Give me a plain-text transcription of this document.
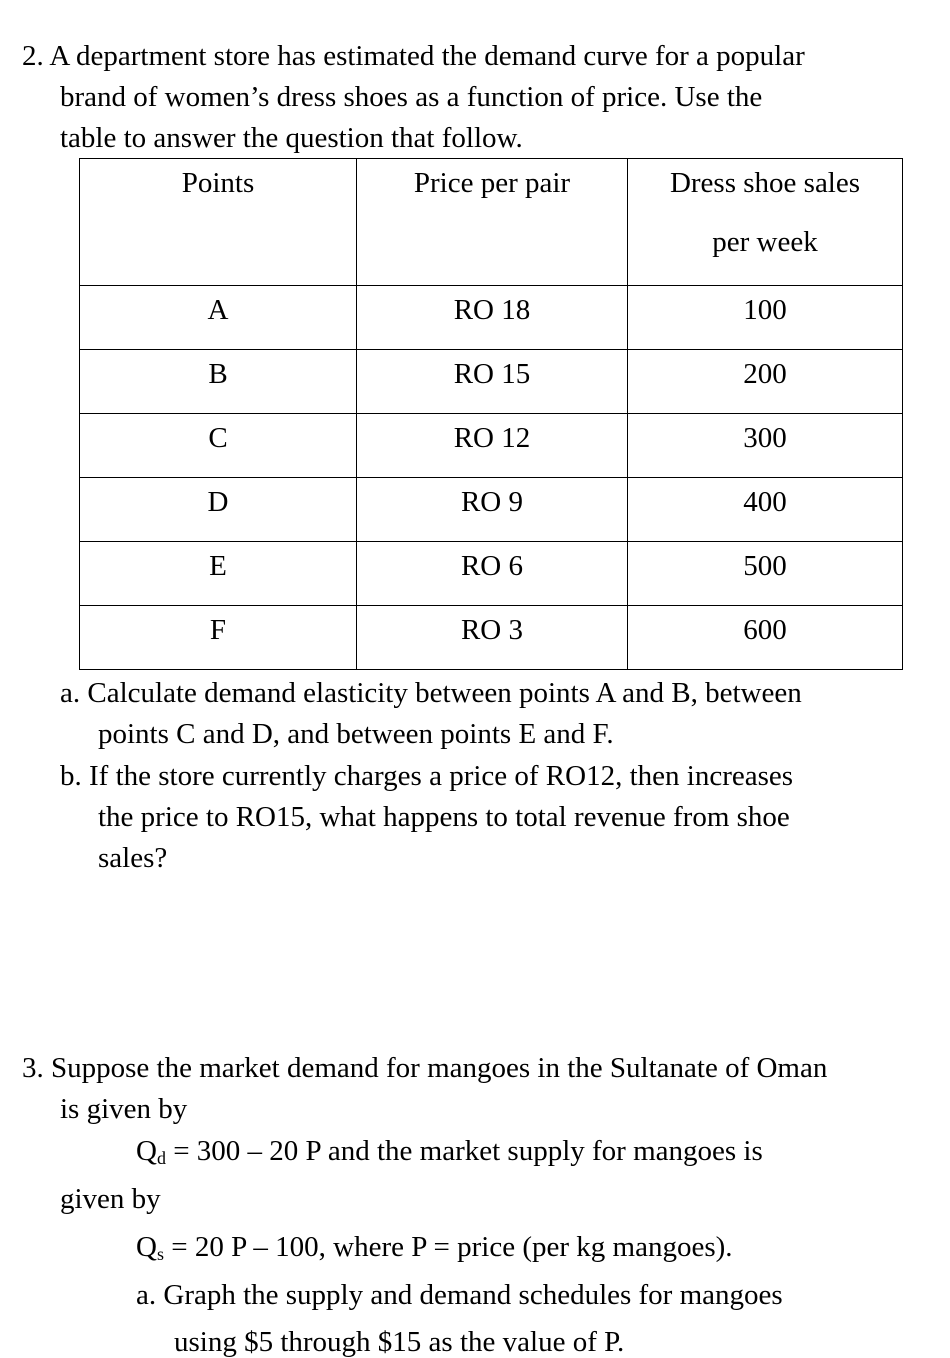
2. A department store has estimated the demand curve for a popular
brand of women’s dress shoes as a function of price. Use the
table to answer the question that follow.
Points	Price per pair	Dress shoe sales
per week

A	RO 18	100
B	RO 15	200
C	RO 12	300
D	RO 9	400
E	RO 6	500
F	RO 3	600
a. Calculate demand elasticity between points A and B, between
points C and D, and between points E and F.
b. If the store currently charges a price of RO12, then increases
the price to RO15, what happens to total revenue from shoe
sales?
3. Suppose the market demand for mangoes in the Sultanate of Oman
is given by
$Q_d = 300 - 20$ P and the market supply for mangoes is
given by
$Q_s = 20$ P – 100, where P = price (per kg mangoes).
a. Graph the supply and demand schedules for mangoes
using $5 through $15 as the value of P.
